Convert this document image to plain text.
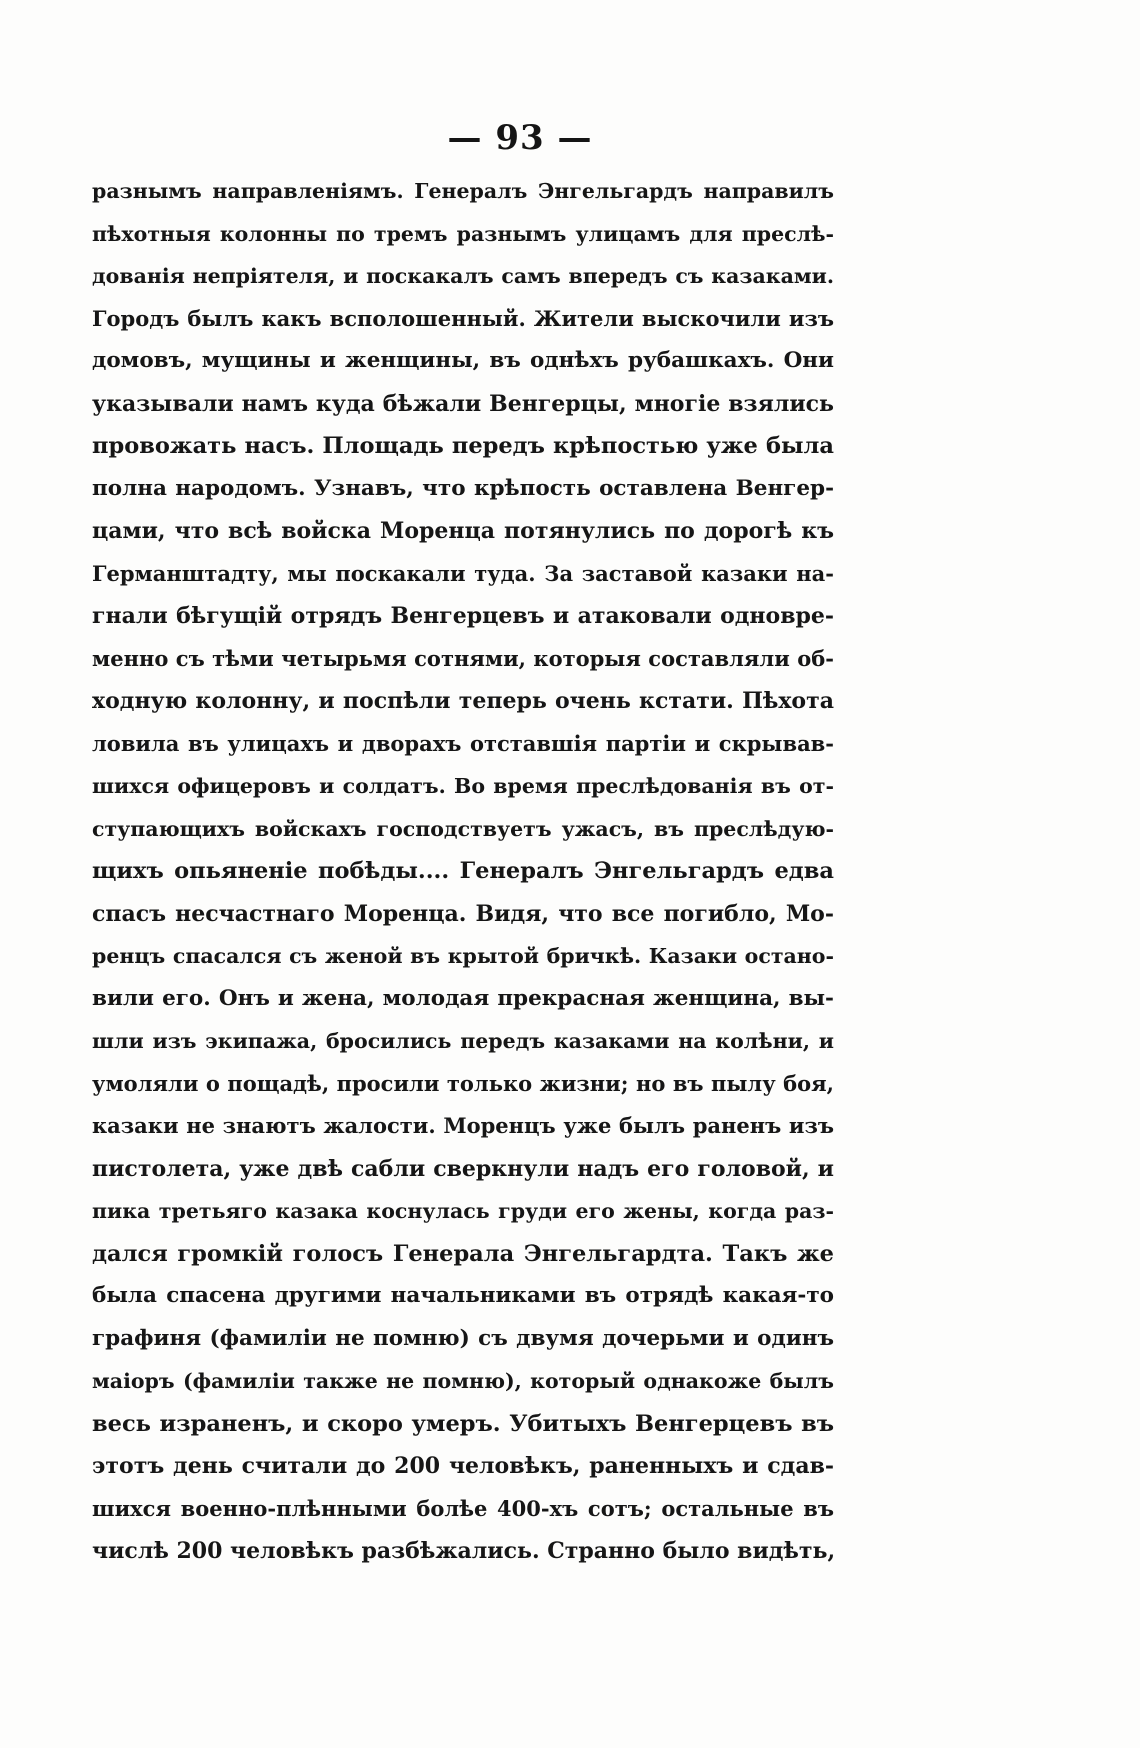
— 93 —
разнымъ направленіямъ. Генералъ Энгельгардъ направилъ
пѣхотныя колонны по тремъ разнымъ улицамъ для преслѣ-
дованія непріятеля, и поскакалъ самъ впередъ съ казаками.
Городъ былъ какъ всполошенный. Жители выскочили изъ
домовъ, мущины и женщины, въ однѣхъ рубашкахъ. Они
указывали намъ куда бѣжали Венгерцы, многіе взялись
провожать насъ. Площадь передъ крѣпостью уже была
полна народомъ. Узнавъ, что крѣпость оставлена Венгер-
цами, что всѣ войска Моренца потянулись по дорогѣ къ
Германштадту, мы поскакали туда. За заставой казаки на-
гнали бѣгущій отрядъ Венгерцевъ и атаковали одновре-
менно съ тѣми четырьмя сотнями, которыя составляли об-
ходную колонну, и поспѣли теперь очень кстати. Пѣхота
ловила въ улицахъ и дворахъ отставшія партіи и скрывав-
шихся офицеровъ и солдатъ. Во время преслѣдованія въ от-
ступающихъ войскахъ господствуетъ ужасъ, въ преслѣдую-
щихъ опьяненіе побѣды.... Генералъ Энгельгардъ едва
спасъ несчастнаго Моренца. Видя, что все погибло, Мо-
ренцъ спасался съ женой въ крытой бричкѣ. Казаки остано-
вили его. Онъ и жена, молодая прекрасная женщина, вы-
шли изъ экипажа, бросились передъ казаками на колѣни, и
умоляли о пощадѣ, просили только жизни; но въ пылу боя,
казаки не знаютъ жалости. Моренцъ уже былъ раненъ изъ
пистолета, уже двѣ сабли сверкнули надъ его головой, и
пика третьяго казака коснулась груди его жены, когда раз-
дался громкій голосъ Генерала Энгельгардта. Такъ же
была спасена другими начальниками въ отрядѣ какая-то
графиня (фамиліи не помню) съ двумя дочерьми и одинъ
маіоръ (фамиліи также не помню), который однакоже былъ
весь израненъ, и скоро умеръ. Убитыхъ Венгерцевъ въ
этотъ день считали до 200 человѣкъ, раненныхъ и сдав-
шихся военно-плѣнными болѣе 400-хъ сотъ; остальные въ
числѣ 200 человѣкъ разбѣжались. Странно было видѣть,
